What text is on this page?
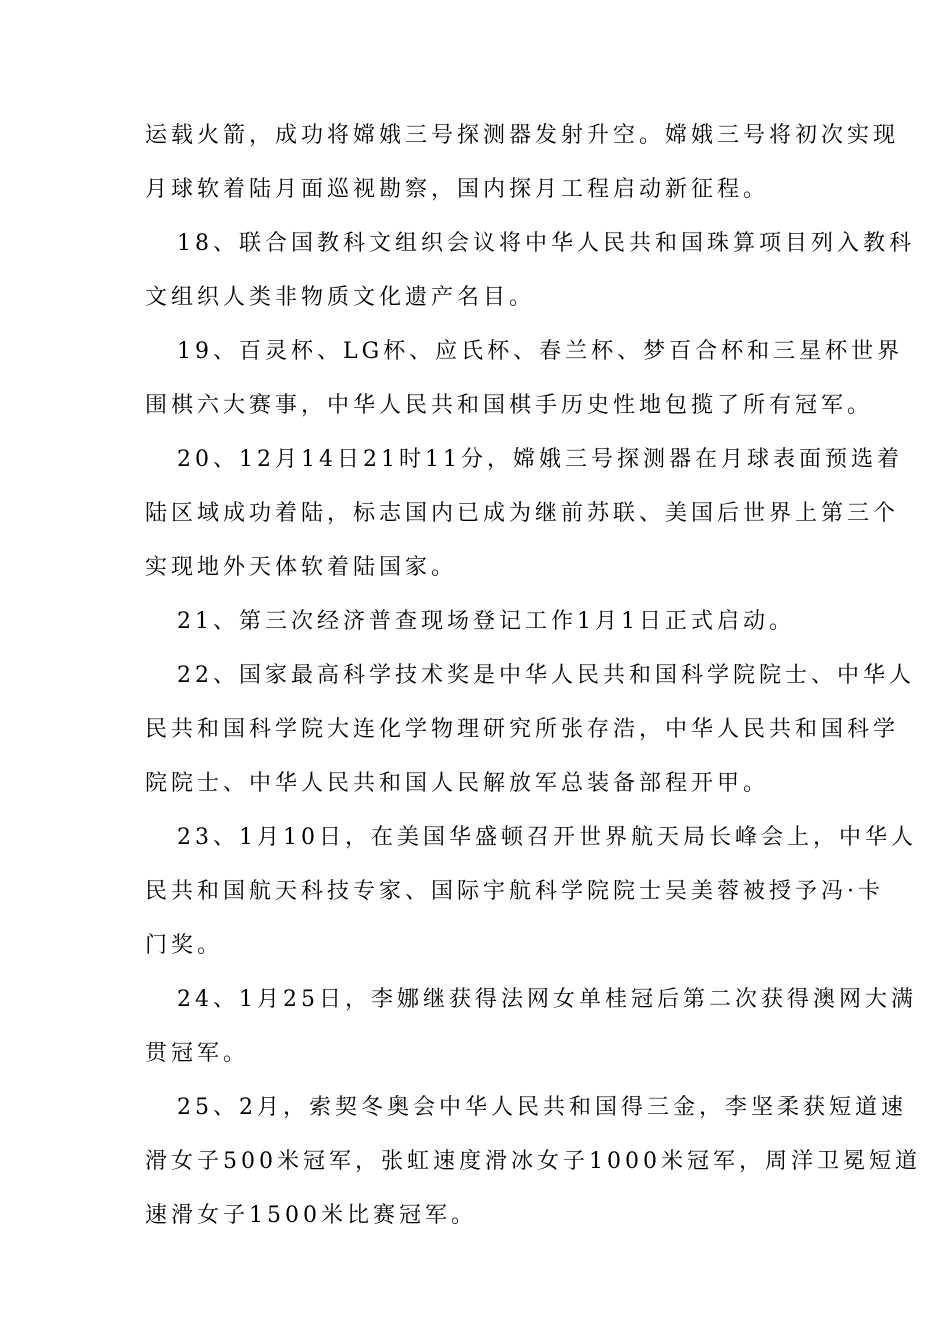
运载火箭，成功将嫦娥三号探测器发射升空。嫦娥三号将初次实现
月球软着陆月面巡视勘察，国内探月工程启动新征程。
18、联合国教科文组织会议将中华人民共和国珠算项目列入教科
文组织人类非物质文化遗产名目。
19、百灵杯、LG杯、应氏杯、春兰杯、梦百合杯和三星杯世界
围棋六大赛事，中华人民共和国棋手历史性地包揽了所有冠军。
20、12月14日21时11分，嫦娥三号探测器在月球表面预选着
陆区域成功着陆，标志国内已成为继前苏联、美国后世界上第三个
实现地外天体软着陆国家。
21、第三次经济普查现场登记工作1月1日正式启动。
22、国家最高科学技术奖是中华人民共和国科学院院士、中华人
民共和国科学院大连化学物理研究所张存浩，中华人民共和国科学
院院士、中华人民共和国人民解放军总装备部程开甲。
23、1月10日，在美国华盛顿召开世界航天局长峰会上，中华人
民共和国航天科技专家、国际宇航科学院院士吴美蓉被授予冯·卡
门奖。
24、1月25日，李娜继获得法网女单桂冠后第二次获得澳网大满
贯冠军。
25、2月，索契冬奥会中华人民共和国得三金，李坚柔获短道速
滑女子500米冠军，张虹速度滑冰女子1000米冠军，周洋卫冕短道
速滑女子1500米比赛冠军。
